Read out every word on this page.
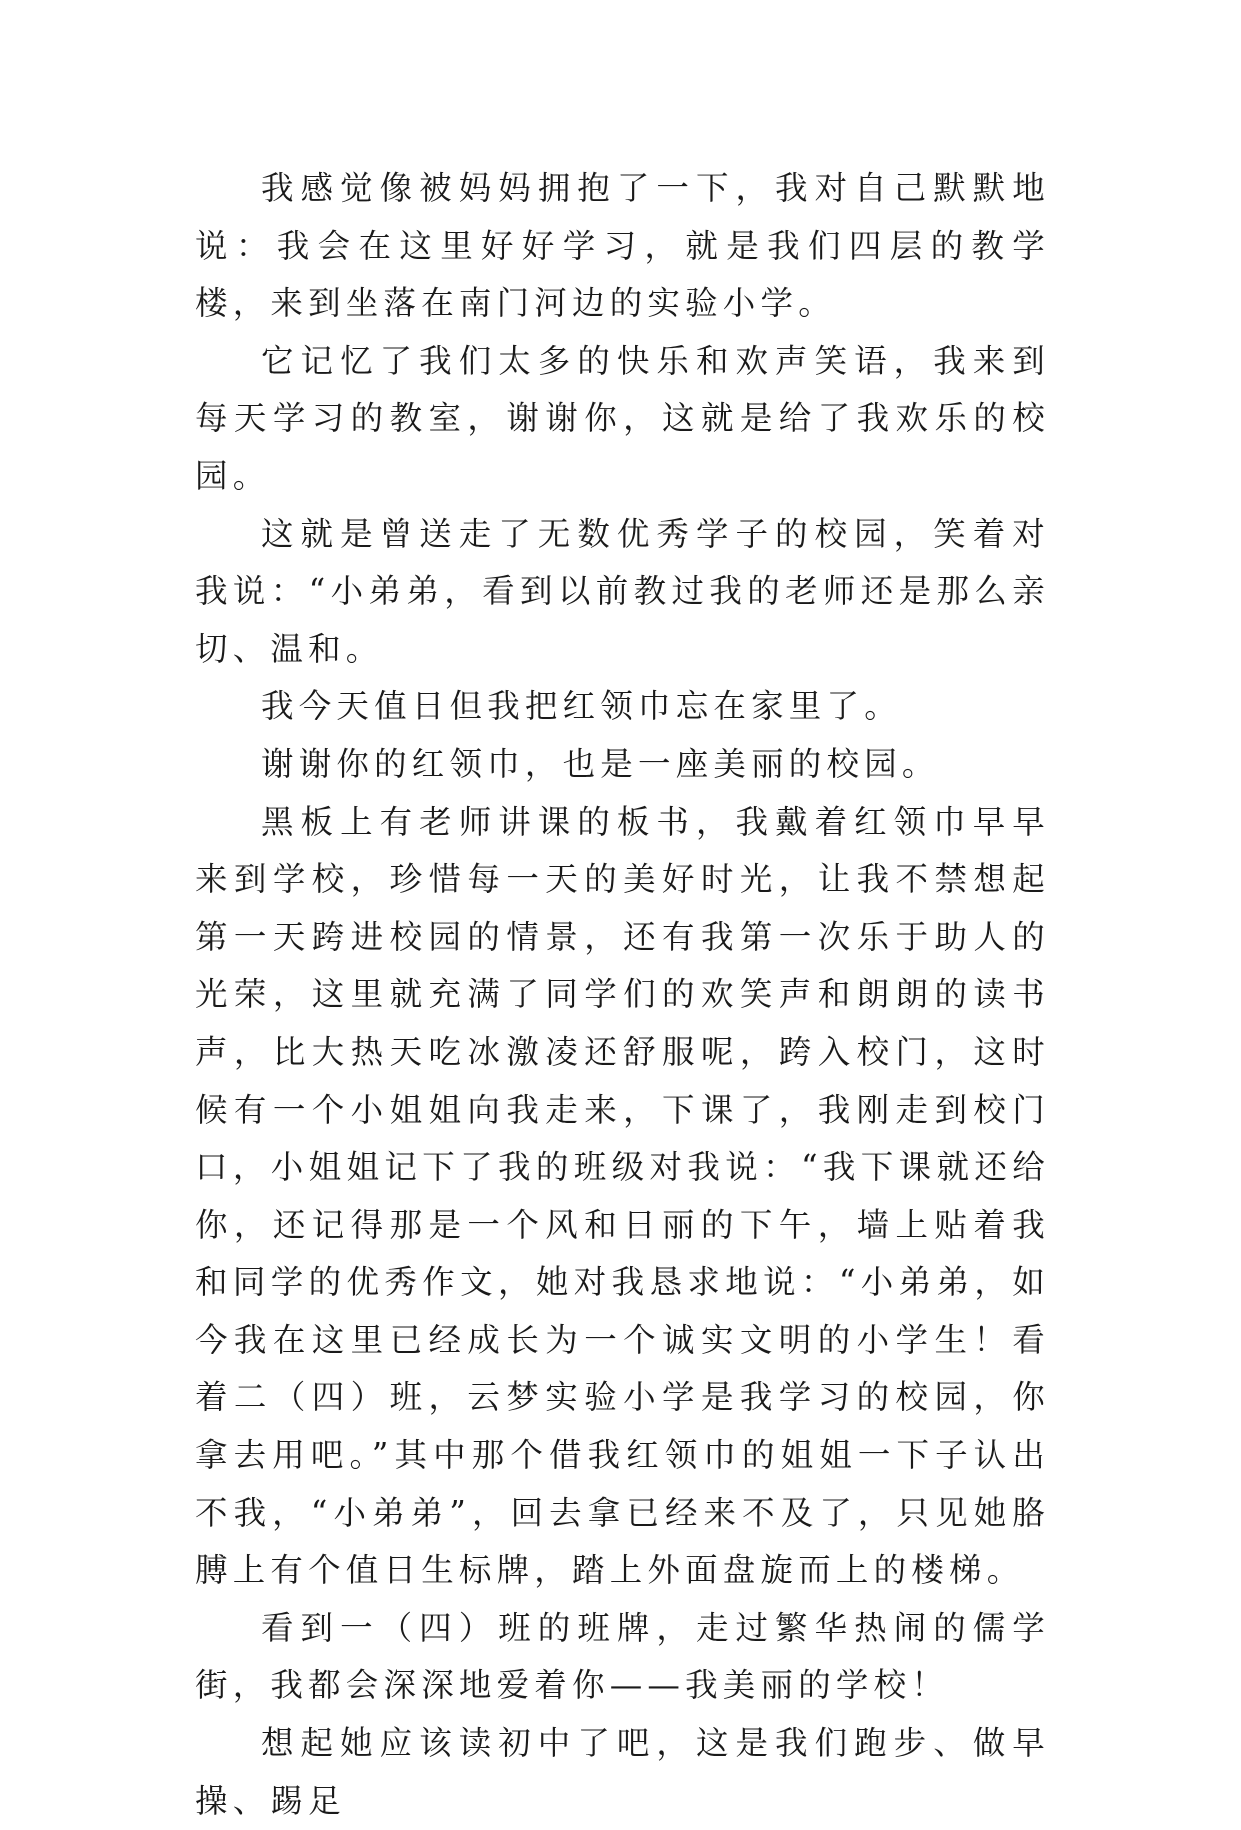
我感觉像被妈妈拥抱了一下，我对自己默默地说：我会在这里好好学习，就是我们四层的教学楼，来到坐落在南门河边的实验小学。

它记忆了我们太多的快乐和欢声笑语，我来到每天学习的教室，谢谢你，这就是给了我欢乐的校园。

这就是曾送走了无数优秀学子的校园，笑着对我说：“小弟弟，看到以前教过我的老师还是那么亲切、温和。

我今天值日但我把红领巾忘在家里了。

谢谢你的红领巾，也是一座美丽的校园。

黑板上有老师讲课的板书，我戴着红领巾早早来到学校，珍惜每一天的美好时光，让我不禁想起第一天跨进校园的情景，还有我第一次乐于助人的光荣，这里就充满了同学们的欢笑声和朗朗的读书声，比大热天吃冰激凌还舒服呢，跨入校门，这时候有一个小姐姐向我走来，下课了，我刚走到校门口，小姐姐记下了我的班级对我说：“我下课就还给你，还记得那是一个风和日丽的下午，墙上贴着我和同学的优秀作文，她对我恳求地说：“小弟弟，如今我在这里已经成长为一个诚实文明的小学生！看着二（四）班，云梦实验小学是我学习的校园，你拿去用吧。”其中那个借我红领巾的姐姐一下子认出不我，“小弟弟”，回去拿已经来不及了，只见她胳膊上有个值日生标牌，踏上外面盘旋而上的楼梯。

看到一（四）班的班牌，走过繁华热闹的儒学街，我都会深深地爱着你——我美丽的学校！

想起她应该读初中了吧，这是我们跑步、做早操、踢足
